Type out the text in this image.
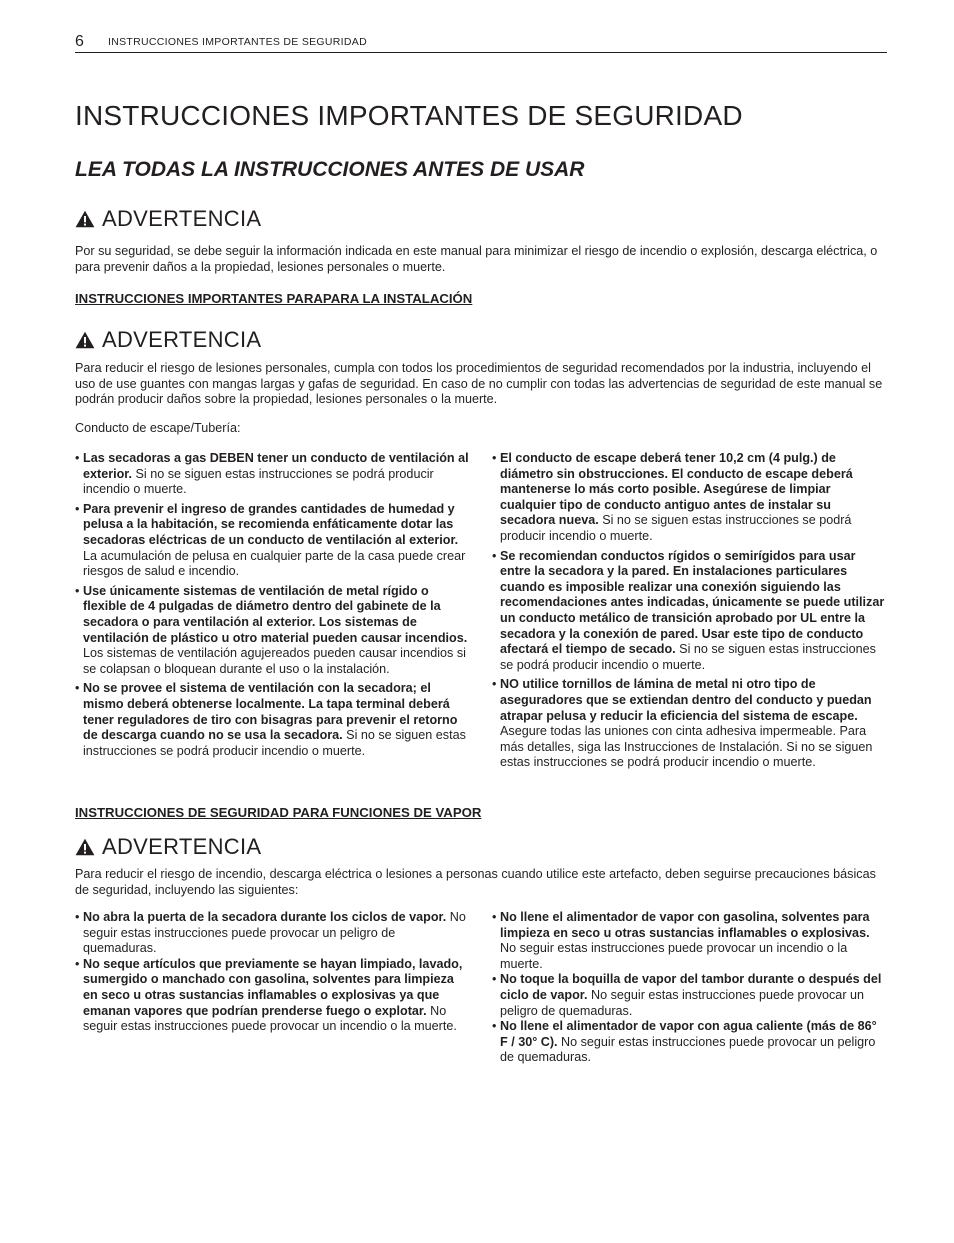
6 INSTRUCCIONES IMPORTANTES DE SEGURIDAD
INSTRUCCIONES IMPORTANTES DE SEGURIDAD
LEA TODAS LA INSTRUCCIONES ANTES DE USAR
ADVERTENCIA

Por su seguridad, se debe seguir la información indicada en este manual para minimizar el riesgo de incendio o explosión, descarga eléctrica, o para prevenir daños a la propiedad, lesiones personales o muerte.

INSTRUCCIONES IMPORTANTES PARAPARA LA INSTALACIÓN
ADVERTENCIA

Para reducir el riesgo de lesiones personales, cumpla con todos los procedimientos de seguridad recomendados por la industria, incluyendo el uso de use guantes con mangas largas y gafas de seguridad. En caso de no cumplir con todas las advertencias de seguridad de este manual se podrán producir daños sobre la propiedad, lesiones personales o la muerte.

Conducto de escape/Tubería:

• Las secadoras a gas DEBEN tener un conducto de ventilación al exterior. Si no se siguen estas instrucciones se podrá producir incendio o muerte.
• Para prevenir el ingreso de grandes cantidades de humedad y pelusa a la habitación, se recomienda enfáticamente dotar las secadoras eléctricas de un conducto de ventilación al exterior. La acumulación de pelusa en cualquier parte de la casa puede crear riesgos de salud e incendio.
• Use únicamente sistemas de ventilación de metal rígido o flexible de 4 pulgadas de diámetro dentro del gabinete de la secadora o para ventilación al exterior. Los sistemas de ventilación de plástico u otro material pueden causar incendios. Los sistemas de ventilación agujereados pueden causar incendios si se colapsan o bloquean durante el uso o la instalación.
• No se provee el sistema de ventilación con la secadora; el mismo deberá obtenerse localmente. La tapa terminal deberá tener reguladores de tiro con bisagras para prevenir el retorno de descarga cuando no se usa la secadora. Si no se siguen estas instrucciones se podrá producir incendio o muerte.
• El conducto de escape deberá tener 10,2 cm (4 pulg.) de diámetro sin obstrucciones. El conducto de escape deberá mantenerse lo más corto posible. Asegúrese de limpiar cualquier tipo de conducto antiguo antes de instalar su secadora nueva. Si no se siguen estas instrucciones se podrá producir incendio o muerte.
• Se recomiendan conductos rígidos o semirígidos para usar entre la secadora y la pared. En instalaciones particulares cuando es imposible realizar una conexión siguiendo las recomendaciones antes indicadas, únicamente se puede utilizar un conducto metálico de transición aprobado por UL entre la secadora y la conexión de pared. Usar este tipo de conducto afectará el tiempo de secado. Si no se siguen estas instrucciones se podrá producir incendio o muerte.
• NO utilice tornillos de lámina de metal ni otro tipo de aseguradores que se extiendan dentro del conducto y puedan atrapar pelusa y reducir la eficiencia del sistema de escape. Asegure todas las uniones con cinta adhesiva impermeable. Para más detalles, siga las Instrucciones de Instalación. Si no se siguen estas instrucciones se podrá producir incendio o muerte.
INSTRUCCIONES DE SEGURIDAD PARA FUNCIONES DE VAPOR
ADVERTENCIA

Para reducir el riesgo de incendio, descarga eléctrica o lesiones a personas cuando utilice este artefacto, deben seguirse precauciones básicas de seguridad, incluyendo las siguientes:

• No abra la puerta de la secadora durante los ciclos de vapor. No seguir estas instrucciones puede provocar un peligro de quemaduras.
• No seque artículos que previamente se hayan limpiado, lavado, sumergido o manchado con gasolina, solventes para limpieza en seco u otras sustancias inflamables o explosivas ya que emanan vapores que podrían prenderse fuego o explotar. No seguir estas instrucciones puede provocar un incendio o la muerte.
• No llene el alimentador de vapor con gasolina, solventes para limpieza en seco u otras sustancias inflamables o explosivas. No seguir estas instrucciones puede provocar un incendio o la muerte.
• No toque la boquilla de vapor del tambor durante o después del ciclo de vapor. No seguir estas instrucciones puede provocar un peligro de quemaduras.
• No llene el alimentador de vapor con agua caliente (más de 86° F / 30° C). No seguir estas instrucciones puede provocar un peligro de quemaduras.
